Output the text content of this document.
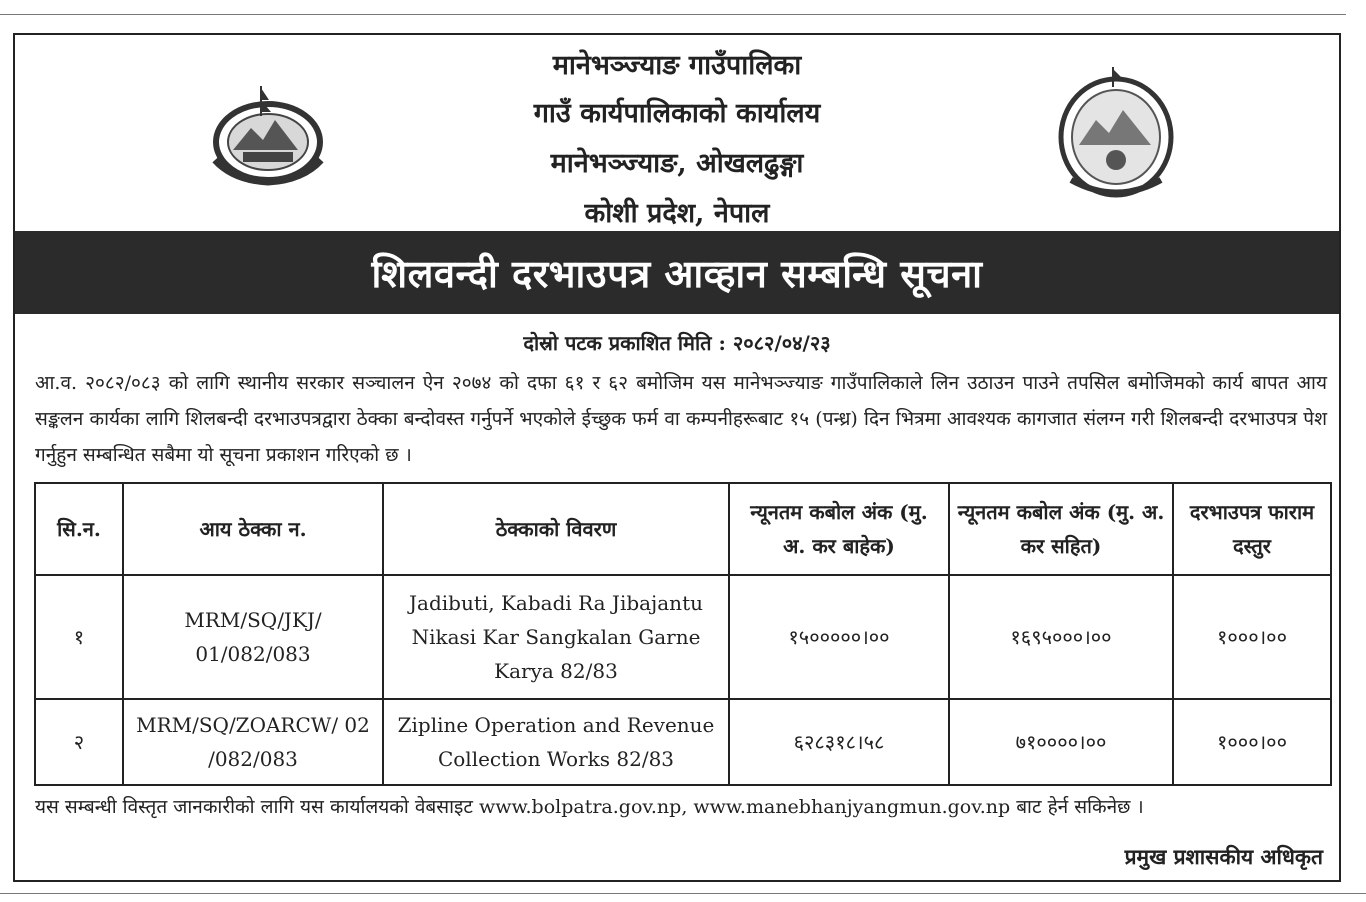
मानेभञ्ज्याङ गाउँपालिका
गाउँ कार्यपालिकाको कार्यालय
मानेभञ्ज्याङ, ओखलढुङ्गा
कोशी प्रदेश, नेपाल
शिलवन्दी दरभाउपत्र आव्हान सम्बन्धि सूचना
दोस्रो पटक प्रकाशित मिति : २०८२/०४/२३
आ.व. २०८२/०८३ को लागि स्थानीय सरकार सञ्चालन ऐन २०७४ को दफा ६१ र ६२ बमोजिम यस मानेभञ्ज्याङ गाउँपालिकाले लिन उठाउन पाउने तपसिल बमोजिमको कार्य बापत आय सङ्कलन कार्यका लागि शिलबन्दी दरभाउपत्रद्वारा ठेक्का बन्दोवस्त गर्नुपर्ने भएकोले ईच्छुक फर्म वा कम्पनीहरूबाट १५ (पन्ध्र) दिन भित्रमा आवश्यक कागजात संलग्न गरी शिलबन्दी दरभाउपत्र पेश गर्नुहुन सम्बन्धित सबैमा यो सूचना प्रकाशन गरिएको छ ।
सि.न.	आय ठेक्का न.	ठेक्काको विवरण	न्यूनतम कबोल अंक (मु. अ. कर बाहेक)	न्यूनतम कबोल अंक (मु. अ. कर सहित)	दरभाउपत्र फाराम दस्तुर
१	MRM/SQ/JKJ/ 01/082/083	Jadibuti, Kabadi Ra Jibajantu Nikasi Kar Sangkalan Garne Karya 82/83	१५०००००।००	१६९५०००।००	१०००।००
२	MRM/SQ/ZOARCW/ 02 /082/083	Zipline Operation and Revenue Collection Works 82/83	६२८३१८।५८	७१००००।००	१०००।००
यस सम्बन्धी विस्तृत जानकारीको लागि यस कार्यालयको वेबसाइट www.bolpatra.gov.np, www.manebhanjyangmun.gov.np बाट हेर्न सकिनेछ ।
प्रमुख प्रशासकीय अधिकृत
